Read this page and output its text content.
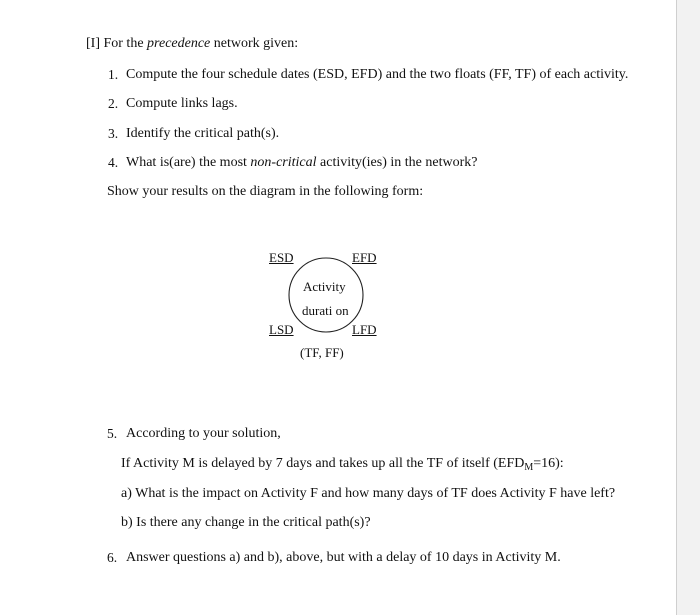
[I] For the precedence network given:
1. Compute the four schedule dates (ESD, EFD) and the two floats (FF, TF) of each activity.
2. Compute links lags.
3. Identify the critical path(s).
4. What is(are) the most non-critical activity(ies) in the network?
Show your results on the diagram in the following form:
ESD	EFD
Activity
durati on
LSD	LFD
(TF, FF)
5. According to your solution,
If Activity M is delayed by 7 days and takes up all the TF of itself $(EFD_M=16)$:
a) What is the impact on Activity F and how many days of TF does Activity F have left?
b) Is there any change in the critical path(s)?
6. Answer questions a) and b), above, but with a delay of 10 days in Activity M.
